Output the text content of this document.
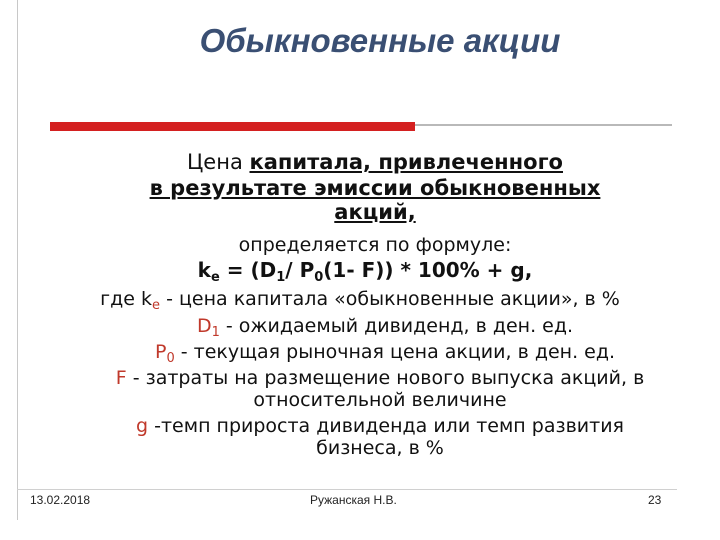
Обыкновенные акции
Цена капитала, привлеченного
в результате эмиссии обыкновенных
акций,
определяется по формуле:
$k_e = (D_1/$ $P_0(1-$ F)) * 100% + g,
где $k_e$ - цена капитала «обыкновенные акции», в %
$D_1$ - ожидаемый дивиденд, в ден. ед.
$P_0$ - текущая рыночная цена акции, в ден. ед.
F - затраты на размещение нового выпуска акций, в
относительной величине
g -темп прироста дивиденда или темп развития
бизнеса, в %
13.02.2018	Ружанская Н.В.	23
